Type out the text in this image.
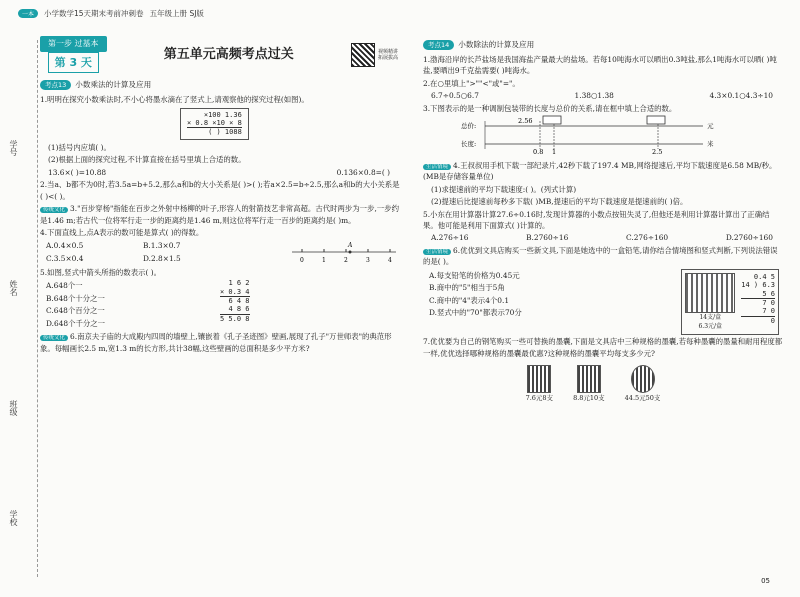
一本	小学数学15天期末考前冲刺卷 五年级上册 SJ版
学号
姓名
班级
学校
第一步 过基本
第 3 天
第五单元高频考点过关	视频精讲 拓展拔高
考点13	小数乘法的计算及应用

1.明明在探究小数乘法时,不小心将墨水滴在了竖式上,请观察他的探究过程(如图)。

×100 1.36
× 0.8 ×10 × 8
( ) 1088

(1)括号内应填( )。

(2)根据上面的探究过程,不计算直接在括号里填上合适的数。

13.6×( )=10.88	0.136×0.8=( )

2.当a、b都不为0时,若3.5a=b+5.2,那么a和b的大小关系是( )>( );若a×2.5=b÷2.5,那么a和b的大小关系是( )<( )。

传统文化 3."百步穿杨"指能在百步之外射中杨柳的叶子,形容人的射箭技艺非常高超。古代时两步为一步,一步约是1.46 m;若古代一位将军行走一步的距离约是1.46 m,则这位将军行走一百步的距离约是( )m。

4.下面直线上,点A表示的数可能是算式( )的得数。

A.0.4×0.5	B.1.3×0.7
C.3.5×0.4	D.2.8×1.5	0	1	2	3	4
A

5.如图,竖式中箭头所指的数表示( )。

A.648个一

B.648个十分之一

C.648个百分之一

D.648个千分之一

1 6 2
× 0.3 4
6 4 8
4 8 6
5 5.0 8

传统文化 6.南京夫子庙的大成殿内四周的墙壁上,镶嵌着《孔子圣迹图》壁画,展现了孔子"万世师表"的典范形象。每幅画长2.5 m,宽1.3 m的长方形,共计38幅,这些壁画的总面积是多少平方米?

考点14	小数除法的计算及应用

1.渤海沿岸的长芦盐场是我国海盐产量最大的盐场。若每10吨海水可以晒出0.3吨盐,那么1吨海水可以晒( )吨盐,要晒出9千克盐需要( )吨海水。

2.在○里填上">""<"或"="。

6.7÷0.5○6.7	1.38○1.38	4.3×0.1○4.3÷10

3.下图表示的是一种调制包装带的长度与总价的关系,请在框中填上合适的数。

总价:
长度:
元
米
2.56
0.8 1	2.5

生活情境 4.王叔叔用手机下载一部纪录片,42秒下载了197.4 MB,网络提速后,平均下载速度是6.58 MB/秒。(MB是存储容量单位)

(1)求提速前的平均下载速度:( )。(列式计算)

(2)提速后比提速前每秒多下载( )MB,提速后的平均下载速度是提速前的( )倍。

5.小东在用计算器计算27.6÷0.16时,发现计算器的小数点按钮失灵了,但他还是利用计算器计算出了正确结果。他可能是利用下面算式( )计算的。

A.276÷16	B.2760÷16	C.276÷160	D.2760÷160

生活情境 6.优优到文具店购买一些新文具,下面是她选中的一盒铅笔,请你结合情境图和竖式判断,下列说法错误的是( )。

A.每支铅笔的价格为0.45元

B.商中的"5"相当于5角

C.商中的"4"表示4个0.1

D.竖式中的"70"都表示70分

14支/盒
6.3元/盒
0.4 5
14 ) 6.3
5 6
7 0
7 0
0

7.优优要为自己的钢笔购买一些可替换的墨囊,下面是文具店中三种规格的墨囊,若每种墨囊的墨量和耐用程度都一样,优优选择哪种规格的墨囊最优惠?这种规格的墨囊平均每支多少元?

7.6元8支	8.8元10支	44.5元50支
05
